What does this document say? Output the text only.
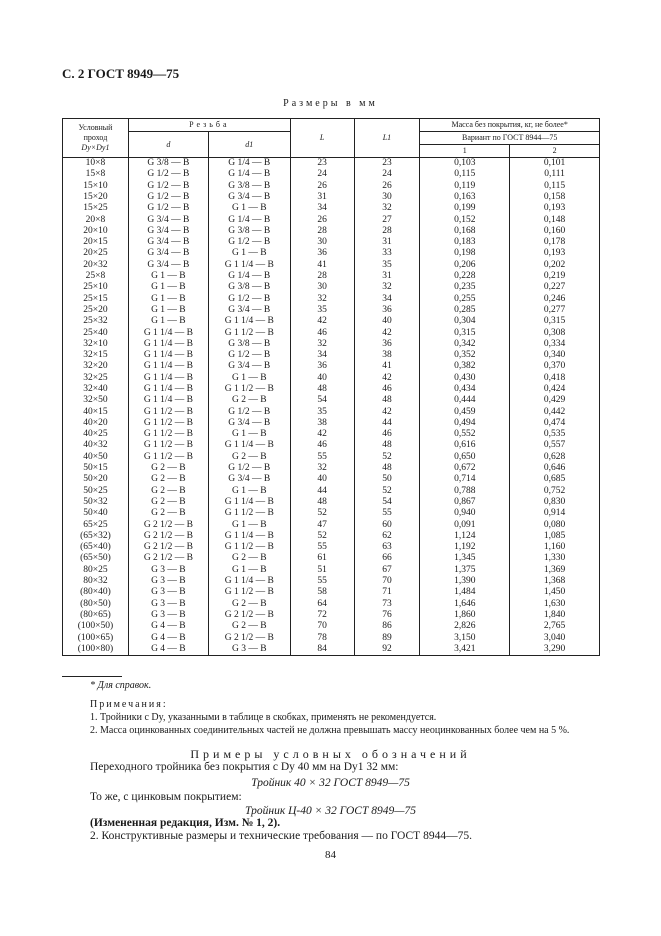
С. 2 ГОСТ 8949—75
Размеры в мм
Условный
проход
Dy×Dy1	Резьба		L	L1	Масса без покрытия, кг, не более*	
	d	d1			Вариант по ГОСТ 8944—75	
					1	2
10×8	G 3/8 — B	G 1/4 — B	23	23	0,103	0,101
15×8	G 1/2 — B	G 1/4 — B	24	24	0,115	0,111
15×10	G 1/2 — B	G 3/8 — B	26	26	0,119	0,115
15×20	G 1/2 — B	G 3/4 — B	31	30	0,163	0,158
15×25	G 1/2 — B	G 1 — B	34	32	0,199	0,193
20×8	G 3/4 — B	G 1/4 — B	26	27	0,152	0,148
20×10	G 3/4 — B	G 3/8 — B	28	28	0,168	0,160
20×15	G 3/4 — B	G 1/2 — B	30	31	0,183	0,178
20×25	G 3/4 — B	G 1 — B	36	33	0,198	0,193
20×32	G 3/4 — B	G 1 1/4 — B	41	35	0,206	0,202
25×8	G 1 — B	G 1/4 — B	28	31	0,228	0,219
25×10	G 1 — B	G 3/8 — B	30	32	0,235	0,227
25×15	G 1 — B	G 1/2 — B	32	34	0,255	0,246
25×20	G 1 — B	G 3/4 — B	35	36	0,285	0,277
25×32	G 1 — B	G 1 1/4 — B	42	40	0,304	0,315
25×40	G 1 1/4 — B	G 1 1/2 — B	46	42	0,315	0,308
32×10	G 1 1/4 — B	G 3/8 — B	32	36	0,342	0,334
32×15	G 1 1/4 — B	G 1/2 — B	34	38	0,352	0,340
32×20	G 1 1/4 — B	G 3/4 — B	36	41	0,382	0,370
32×25	G 1 1/4 — B	G 1 — B	40	42	0,430	0,418
32×40	G 1 1/4 — B	G 1 1/2 — B	48	46	0,434	0,424
32×50	G 1 1/4 — B	G 2 — B	54	48	0,444	0,429
40×15	G 1 1/2 — B	G 1/2 — B	35	42	0,459	0,442
40×20	G 1 1/2 — B	G 3/4 — B	38	44	0,494	0,474
40×25	G 1 1/2 — B	G 1 — B	42	46	0,552	0,535
40×32	G 1 1/2 — B	G 1 1/4 — B	46	48	0,616	0,557
40×50	G 1 1/2 — B	G 2 — B	55	52	0,650	0,628
50×15	G 2 — B	G 1/2 — B	32	48	0,672	0,646
50×20	G 2 — B	G 3/4 — B	40	50	0,714	0,685
50×25	G 2 — B	G 1 — B	44	52	0,788	0,752
50×32	G 2 — B	G 1 1/4 — B	48	54	0,867	0,830
50×40	G 2 — B	G 1 1/2 — B	52	55	0,940	0,914
65×25	G 2 1/2 — B	G 1 — B	47	60	0,091	0,080
(65×32)	G 2 1/2 — B	G 1 1/4 — B	52	62	1,124	1,085
(65×40)	G 2 1/2 — B	G 1 1/2 — B	55	63	1,192	1,160
(65×50)	G 2 1/2 — B	G 2 — B	61	66	1,345	1,330
80×25	G 3 — B	G 1 — B	51	67	1,375	1,369
80×32	G 3 — B	G 1 1/4 — B	55	70	1,390	1,368
(80×40)	G 3 — B	G 1 1/2 — B	58	71	1,484	1,450
(80×50)	G 3 — B	G 2 — B	64	73	1,646	1,630
(80×65)	G 3 — B	G 2 1/2 — B	72	76	1,860	1,840
(100×50)	G 4 — B	G 2 — B	70	86	2,826	2,765
(100×65)	G 4 — B	G 2 1/2 — B	78	89	3,150	3,040
(100×80)	G 4 — B	G 3 — B	84	92	3,421	3,290
* Для справок.
Примечания:
1. Тройники с Dy, указанными в таблице в скобках, применять не рекомендуется.
2. Масса оцинкованных соединительных частей не должна превышать массу неоцинкованных более чем на 5 %.
Примеры условных обозначений
Переходного тройника без покрытия с Dy 40 мм на Dy1 32 мм:
Тройник 40 × 32 ГОСТ 8949—75
То же, с цинковым покрытием:
Тройник Ц-40 × 32 ГОСТ 8949—75
(Измененная редакция, Изм. № 1, 2).
2. Конструктивные размеры и технические требования — по ГОСТ 8944—75.
84
